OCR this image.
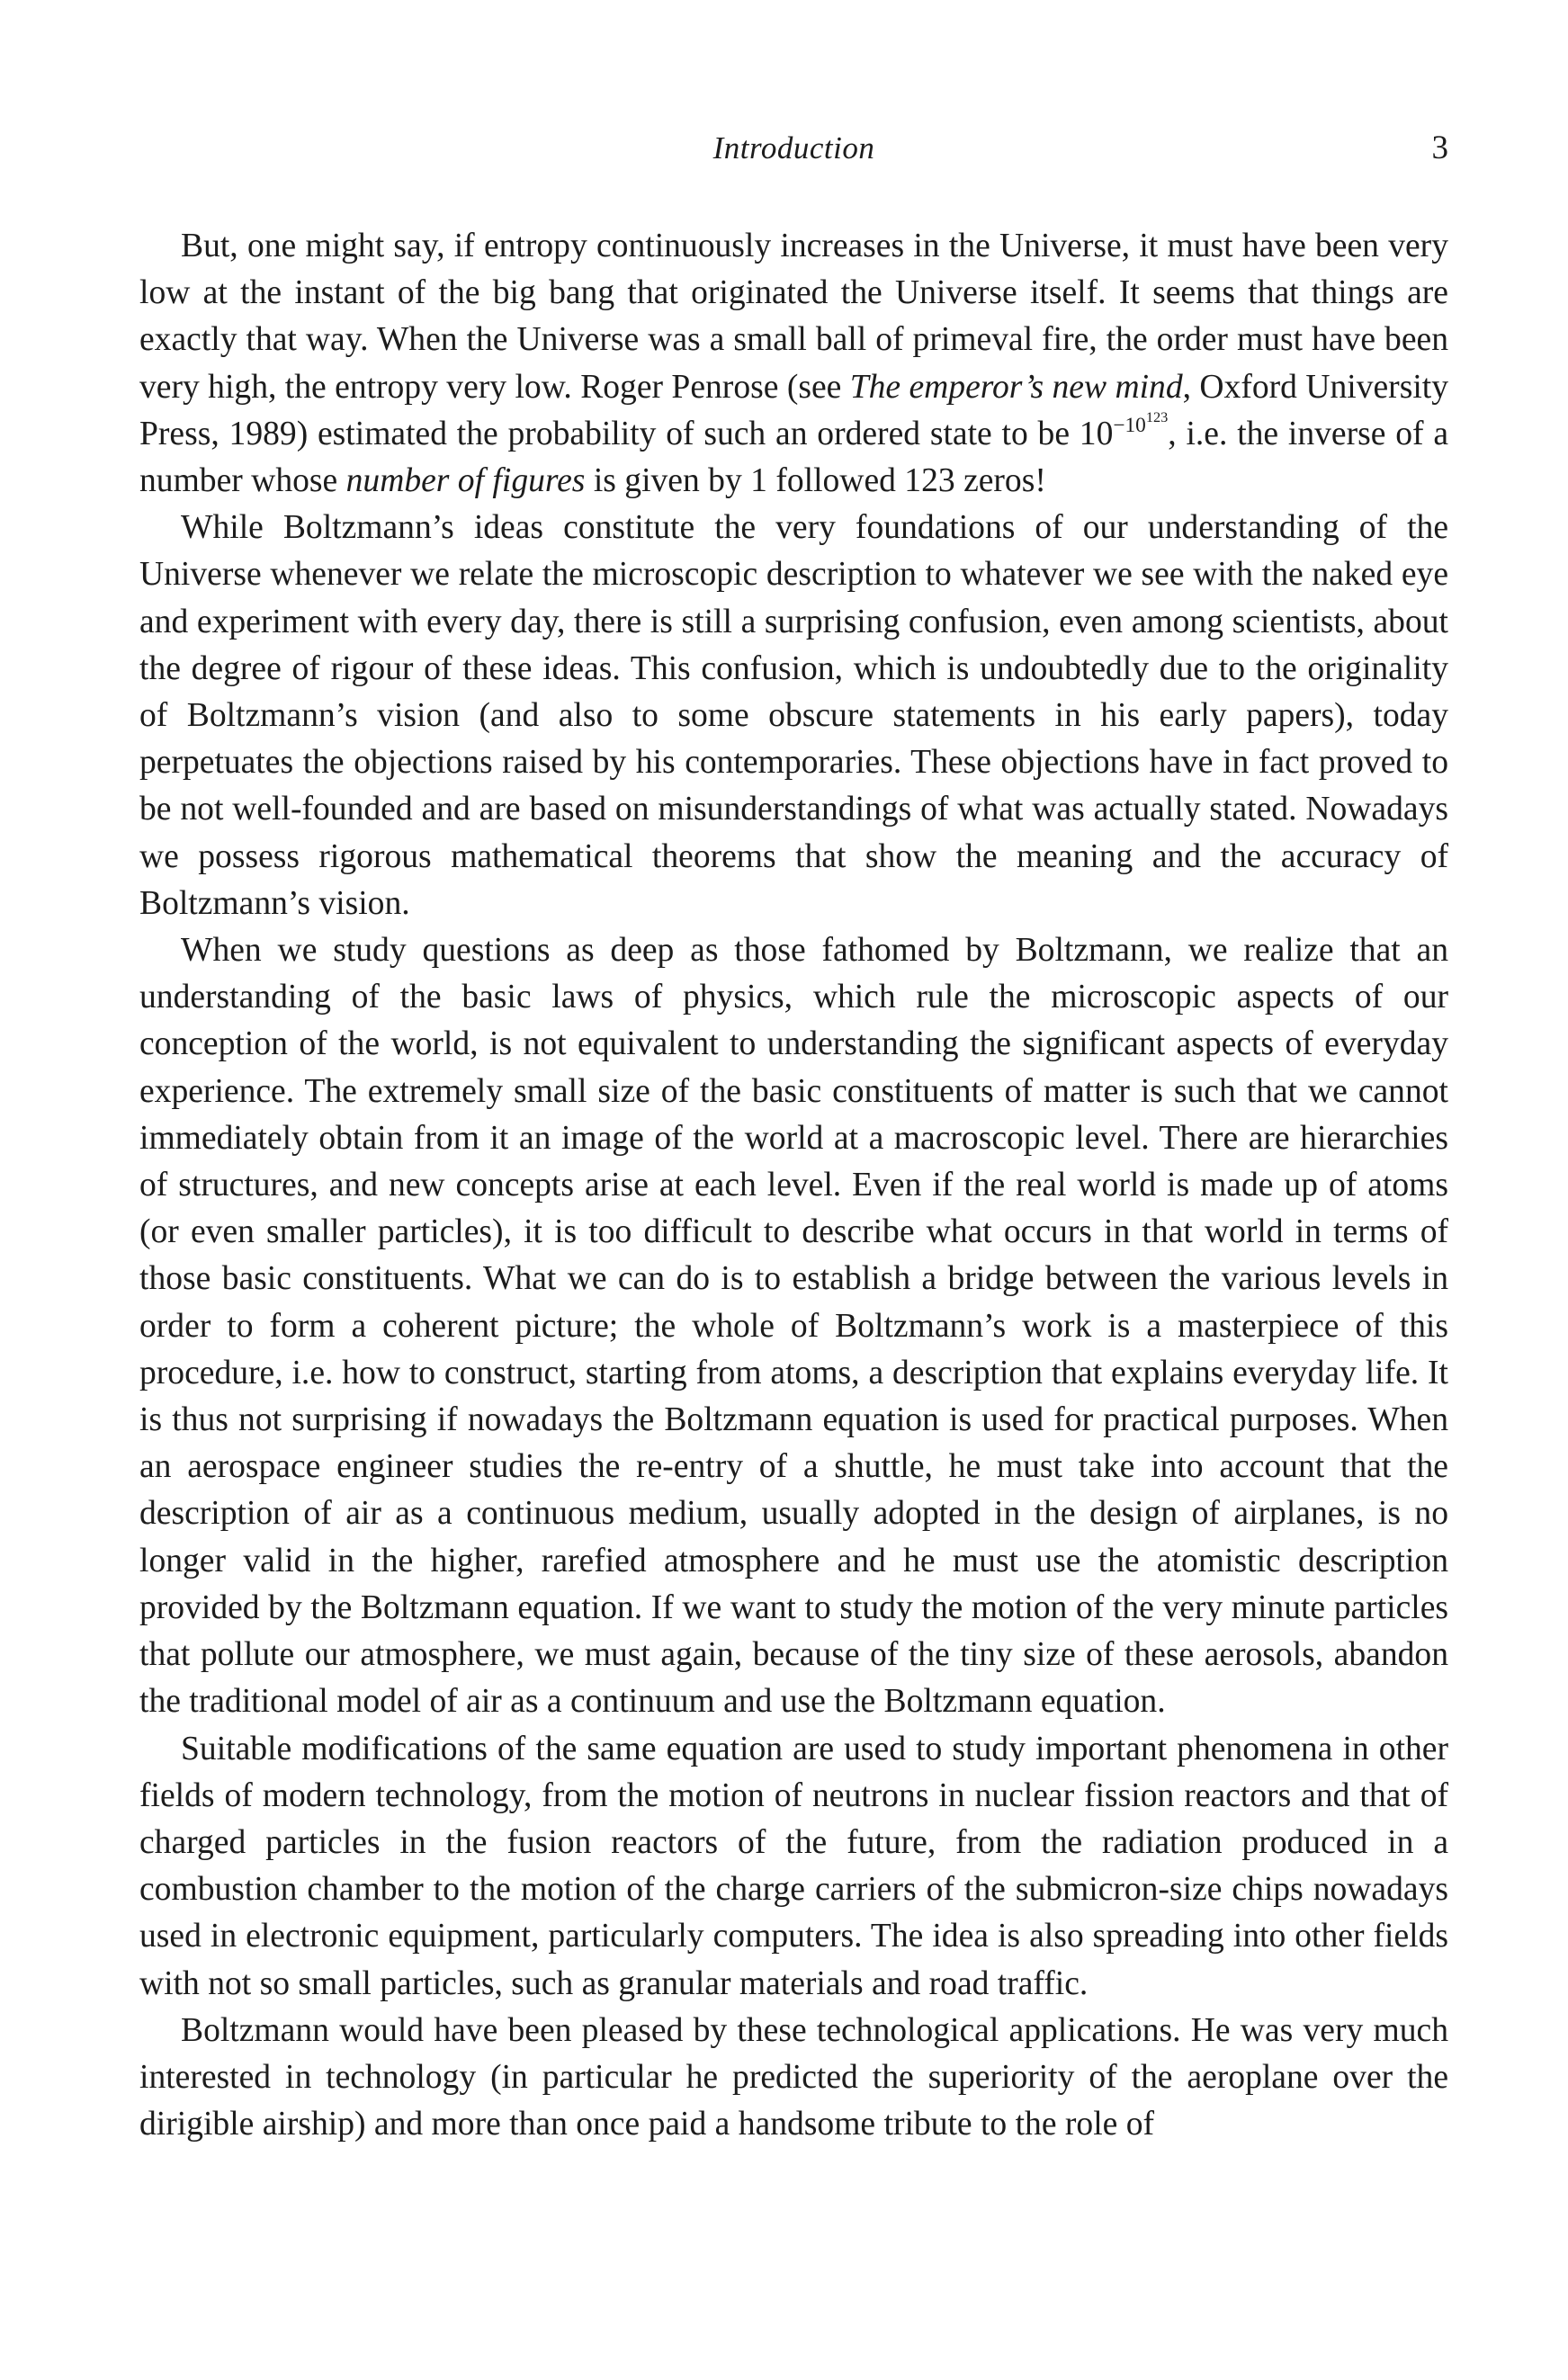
Introduction	3

But, one might say, if entropy continuously increases in the Universe, it must have been very low at the instant of the big bang that originated the Universe itself. It seems that things are exactly that way. When the Universe was a small ball of primeval fire, the order must have been very high, the entropy very low. Roger Penrose (see The emperor’s new mind, Oxford University Press, 1989) estimated the probability of such an ordered state to be $10^{-10^{123}}$, i.e. the inverse of a number whose number of figures is given by 1 followed 123 zeros!

While Boltzmann’s ideas constitute the very foundations of our understanding of the Universe whenever we relate the microscopic description to whatever we see with the naked eye and experiment with every day, there is still a surprising confusion, even among scientists, about the degree of rigour of these ideas. This confusion, which is undoubtedly due to the originality of Boltzmann’s vision (and also to some obscure statements in his early papers), today perpetuates the objections raised by his contemporaries. These objections have in fact proved to be not well-founded and are based on misunderstandings of what was actually stated. Nowadays we possess rigorous mathematical theorems that show the meaning and the accuracy of Boltzmann’s vision.

When we study questions as deep as those fathomed by Boltzmann, we realize that an understanding of the basic laws of physics, which rule the microscopic aspects of our conception of the world, is not equivalent to understanding the significant aspects of everyday experience. The extremely small size of the basic constituents of matter is such that we cannot immediately obtain from it an image of the world at a macroscopic level. There are hierarchies of structures, and new concepts arise at each level. Even if the real world is made up of atoms (or even smaller particles), it is too difficult to describe what occurs in that world in terms of those basic constituents. What we can do is to establish a bridge between the various levels in order to form a coherent picture; the whole of Boltzmann’s work is a masterpiece of this procedure, i.e. how to construct, starting from atoms, a description that explains everyday life. It is thus not surprising if nowadays the Boltzmann equation is used for practical purposes. When an aerospace engineer studies the re-entry of a shuttle, he must take into account that the description of air as a continuous medium, usually adopted in the design of airplanes, is no longer valid in the higher, rarefied atmosphere and he must use the atomistic description provided by the Boltzmann equation. If we want to study the motion of the very minute particles that pollute our atmosphere, we must again, because of the tiny size of these aerosols, abandon the traditional model of air as a continuum and use the Boltzmann equation.

Suitable modifications of the same equation are used to study important phenomena in other fields of modern technology, from the motion of neutrons in nuclear fission reactors and that of charged particles in the fusion reactors of the future, from the radiation produced in a combustion chamber to the motion of the charge carriers of the submicron-size chips nowadays used in electronic equipment, particularly computers. The idea is also spreading into other fields with not so small particles, such as granular materials and road traffic.

Boltzmann would have been pleased by these technological applications. He was very much interested in technology (in particular he predicted the superiority of the aeroplane over the dirigible airship) and more than once paid a handsome tribute to the role of
